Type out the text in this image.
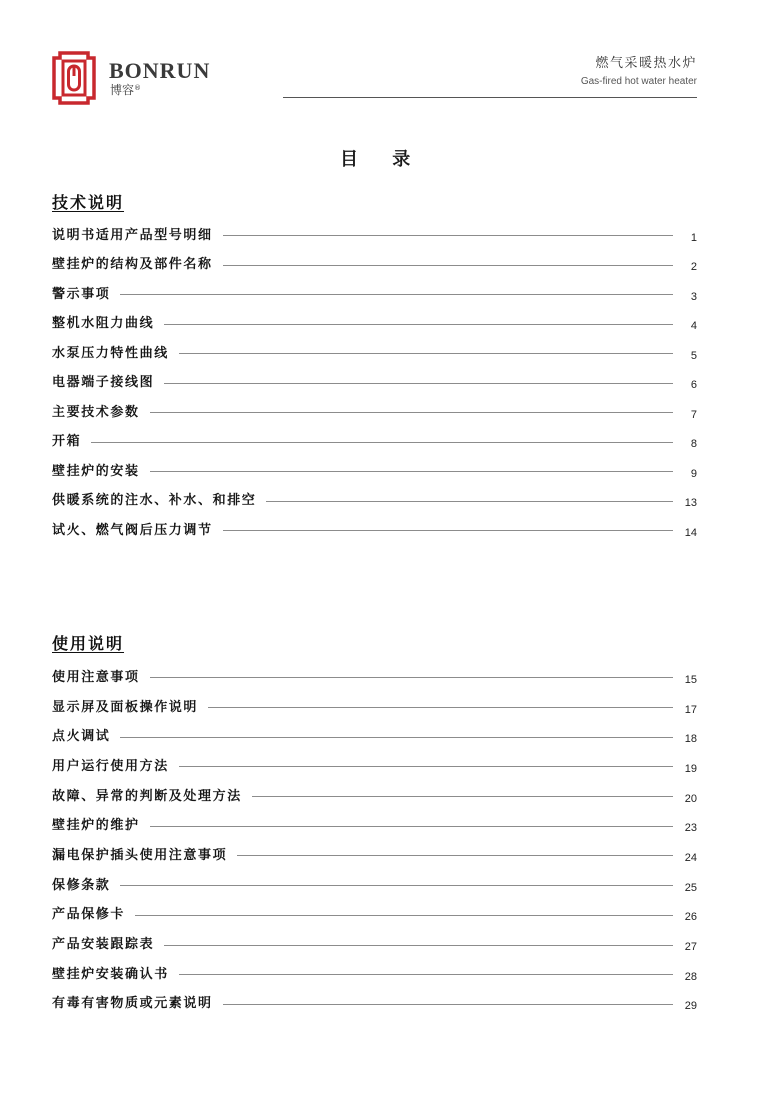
BONRUN
博容®
燃气采暖热水炉
Gas-fired hot water heater
目 录
技术说明
说明书适用产品型号明细	1
壁挂炉的结构及部件名称	2
警示事项	3
整机水阻力曲线	4
水泵压力特性曲线	5
电器端子接线图	6
主要技术参数	7
开箱	8
壁挂炉的安装	9
供暖系统的注水、补水、和排空	13
试火、燃气阀后压力调节	14
使用说明
使用注意事项	15
显示屏及面板操作说明	17
点火调试	18
用户运行使用方法	19
故障、异常的判断及处理方法	20
壁挂炉的维护	23
漏电保护插头使用注意事项	24
保修条款	25
产品保修卡	26
产品安装跟踪表	27
壁挂炉安装确认书	28
有毒有害物质或元素说明	29
